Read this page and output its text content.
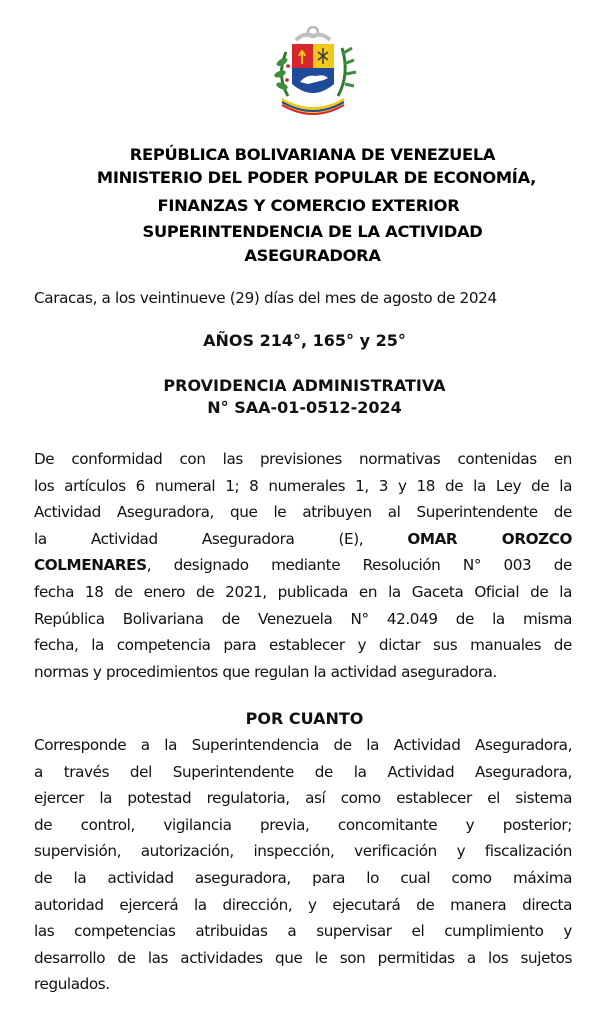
REPÚBLICA BOLIVARIANA DE VENEZUELA
MINISTERIO DEL PODER POPULAR DE ECONOMÍA,
FINANZAS Y COMERCIO EXTERIOR
SUPERINTENDENCIA DE LA ACTIVIDAD
ASEGURADORA
Caracas, a los veintinueve (29) días del mes de agosto de 2024
AÑOS 214°, 165° y 25°
PROVIDENCIA ADMINISTRATIVA
N° SAA-01-0512-2024
De conformidad con las previsiones normativas contenidas en
los artículos 6 numeral 1; 8 numerales 1, 3 y 18 de la Ley de la
Actividad Aseguradora, que le atribuyen al Superintendente de
la Actividad Aseguradora (E),	OMAR OROZCO
COLMENARES, designado mediante Resolución N° 003 de
fecha 18 de enero de 2021, publicada en la Gaceta Oficial de la
República Bolivariana de Venezuela N° 42.049 de la misma
fecha, la competencia para establecer y dictar sus manuales de
normas y procedimientos que regulan la actividad aseguradora.
POR CUANTO
Corresponde a la Superintendencia de la Actividad Aseguradora,
a través del Superintendente de la Actividad Aseguradora,
ejercer la potestad regulatoria, así como establecer el sistema
de control, vigilancia previa, concomitante y posterior;
supervisión, autorización, inspección, verificación y fiscalización
de la actividad aseguradora, para lo cual como máxima
autoridad ejercerá la dirección, y ejecutará de manera directa
las competencias atribuidas a supervisar el cumplimiento y
desarrollo de las actividades que le son permitidas a los sujetos
regulados.
